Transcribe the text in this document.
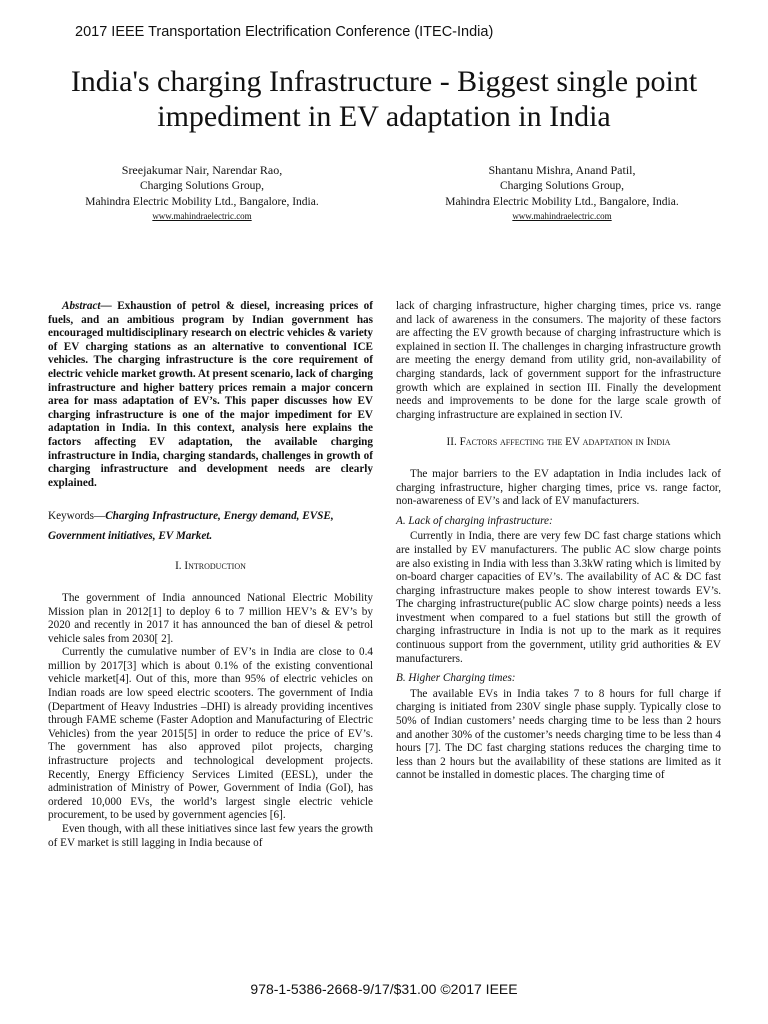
2017 IEEE Transportation Electrification Conference (ITEC-India)
India's charging Infrastructure - Biggest single point impediment in EV adaptation in India
Sreejakumar Nair, Narendar Rao,
Charging Solutions Group,
Mahindra Electric Mobility Ltd., Bangalore, India.
www.mahindraelectric.com
Shantanu Mishra, Anand Patil,
Charging Solutions Group,
Mahindra Electric Mobility Ltd., Bangalore, India.
www.mahindraelectric.com

Abstract— Exhaustion of petrol & diesel, increasing prices of fuels, and an ambitious program by Indian government has encouraged multidisciplinary research on electric vehicles & variety of EV charging stations as an alternative to conventional ICE vehicles. The charging infrastructure is the core requirement of electric vehicle market growth. At present scenario, lack of charging infrastructure and higher battery prices remain a major concern area for mass adaptation of EV’s. This paper discusses how EV charging infrastructure is one of the major impediment for EV adaptation in India. In this context, analysis here explains the factors affecting EV adaptation, the available charging infrastructure in India, charging standards, challenges in growth of charging infrastructure and development needs are clearly explained.

Keywords—Charging Infrastructure, Energy demand, EVSE, Government initiatives, EV Market.

I. Introduction

The government of India announced National Electric Mobility Mission plan in 2012[1] to deploy 6 to 7 million HEV’s & EV’s by 2020 and recently in 2017 it has announced the ban of diesel & petrol vehicle sales from 2030[ 2].

Currently the cumulative number of EV’s in India are close to 0.4 million by 2017[3] which is about 0.1% of the existing conventional vehicle market[4]. Out of this, more than 95% of electric vehicles on Indian roads are low speed electric scooters. The government of India (Department of Heavy Industries –DHI) is already providing incentives through FAME scheme (Faster Adoption and Manufacturing of Electric Vehicles) from the year 2015[5] in order to reduce the price of EV’s. The government has also approved pilot projects, charging infrastructure projects and technological development projects. Recently, Energy Efficiency Services Limited (EESL), under the administration of Ministry of Power, Government of India (GoI), has ordered 10,000 EVs, the world’s largest single electric vehicle procurement, to be used by government agencies [6].

Even though, with all these initiatives since last few years the growth of EV market is still lagging in India because of

lack of charging infrastructure, higher charging times, price vs. range and lack of awareness in the consumers. The majority of these factors are affecting the EV growth because of charging infrastructure which is explained in section II. The challenges in charging infrastructure growth are meeting the energy demand from utility grid, non-availability of charging standards, lack of government support for the infrastructure growth which are explained in section III. Finally the development needs and improvements to be done for the large scale growth of charging infrastructure are explained in section IV.

II. Factors affecting the EV adaptation in India

The major barriers to the EV adaptation in India includes lack of charging infrastructure, higher charging times, price vs. range factor, non-awareness of EV’s and lack of EV manufacturers.

A. Lack of charging infrastructure:

Currently in India, there are very few DC fast charge stations which are installed by EV manufacturers. The public AC slow charge points are also existing in India with less than 3.3kW rating which is limited by on-board charger capacities of EV’s. The availability of AC & DC fast charging infrastructure makes people to show interest towards EV’s. The charging infrastructure(public AC slow charge points) needs a less investment when compared to a fuel stations but still the growth of charging infrastructure in India is not up to the mark as it requires continuous support from the government, utility grid authorities & EV manufacturers.

B. Higher Charging times:

The available EVs in India takes 7 to 8 hours for full charge if charging is initiated from 230V single phase supply. Typically close to 50% of Indian customers’ needs charging time to be less than 2 hours and another 30% of the customer’s needs charging time to be less than 4 hours [7]. The DC fast charging stations reduces the charging time to less than 2 hours but the availability of these stations are limited as it cannot be installed in domestic places. The charging time of

978-1-5386-2668-9/17/$31.00 ©2017 IEEE
